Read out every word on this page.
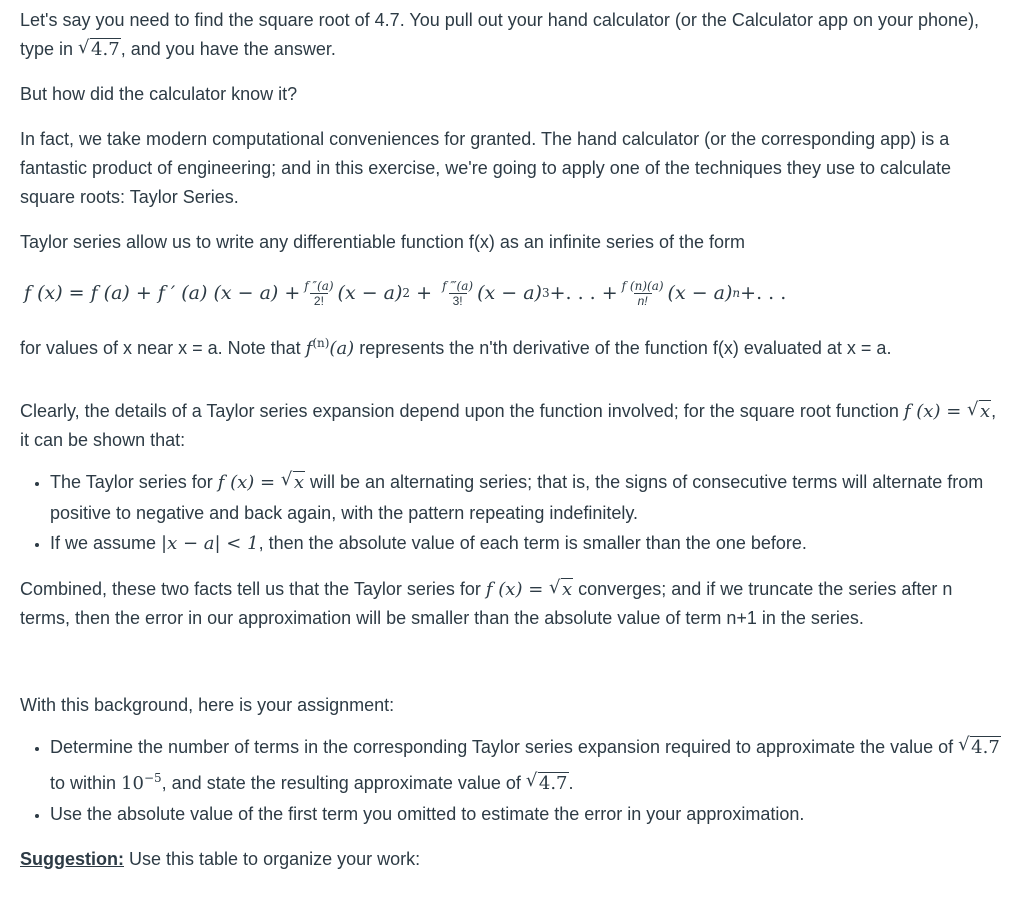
Let's say you need to find the square root of 4.7. You pull out your hand calculator (or the Calculator app on your phone), type in √ 4.7, and you have the answer.

But how did the calculator know it?

In fact, we take modern computational conveniences for granted. The hand calculator (or the corresponding app) is a fantastic product of engineering; and in this exercise, we're going to apply one of the techniques they use to calculate square roots: Taylor Series.

Taylor series allow us to write any differentiable function f(x) as an infinite series of the form

f (x) = f (a) + f ′ (a) $(x - a) + \frac{f ''(a)}{2!} (x - a) 2 + \frac{f ‴(a)}{3!} (x - a)$ 3 +. . . + $\frac{f (n)(a)}{n!} (x - a)$ n +. . .

for values of x near x = a. Note that $f^{(n)}(a)$ represents the n'th derivative of the function f(x) evaluated at x = a.

Clearly, the details of a Taylor series expansion depend upon the function involved; for the square root function f (x) = √ x, it can be shown that:

• The Taylor series for f (x) = √ x will be an alternating series; that is, the signs of consecutive terms will alternate from positive to negative and back again, with the pattern repeating indefinitely.
• If we assume |x − a| < 1, then the absolute value of each term is smaller than the one before.

Combined, these two facts tell us that the Taylor series for f (x) = √ x converges; and if we truncate the series after n terms, then the error in our approximation will be smaller than the absolute value of term n+1 in the series.

With this background, here is your assignment:

• Determine the number of terms in the corresponding Taylor series expansion required to approximate the value of √ 4.7 to within $10^{-5}$, and state the resulting approximate value of √ 4.7.
• Use the absolute value of the first term you omitted to estimate the error in your approximation.

Suggestion: Use this table to organize your work:
